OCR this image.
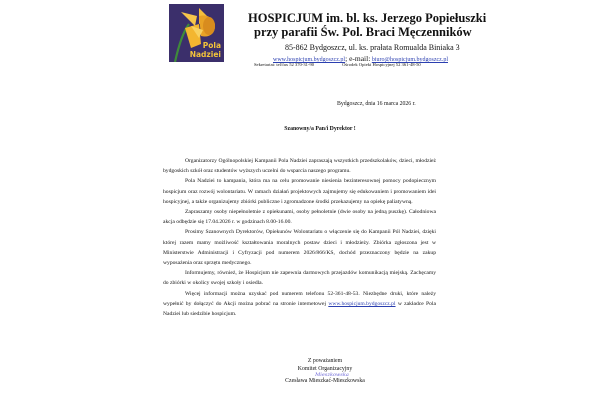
Pola
Nadziei
HOSPICJUM im. bl. ks. Jerzego Popiełuszki
przy parafii Św. Pol. Braci Męczenników
85-862 Bydgoszcz, ul. ks. prałata Romualda Biniaka 3
www.hospicjum.bydgoszcz.pl; e-mail: biuro@hospicjum.bydgoszcz.pl
Sekretariat: tel/fax 52 370-31-90	Ośrodek Opieki Hospicyjnej 52 361-48-50
Bydgoszcz, dnia 16 marca 2026 r.
Szanowny/a Pan/i Dyrektor !

Organizatorzy Ogólnopolskiej Kampanii Pola Nadziei zapraszają wszystkich przedszkolaków, dzieci, młodzież bydgoskich szkół oraz studentów wyższych uczelni do wsparcia naszego programu.

Pola Nadziei to kampania, która ma na celu promowanie niesienia bezinteresownej pomocy podopiecznym hospicjum oraz rozwój wolontariatu. W ramach działań projektowych zajmujemy się edukowaniem i promowaniem idei hospicyjnej, a także organizujemy zbiórki publiczne i zgromadzone środki przekazujemy na opiekę paliatywną.

Zapraszamy osoby niepełnoletnie z opiekunami, osoby pełnoletnie (dwie osoby na jedną puszkę). Całodniowa akcja odbędzie się 17.04.2026 r. w godzinach 8.00-16.00.

Prosimy Szanownych Dyrektorów, Opiekunów Wolontariatu o włączenie się do Kampanii Pól Nadziei, dzięki której razem mamy możliwość kształtowania moralnych postaw dzieci i młodzieży. Zbiórka zgłoszona jest w Ministerstwie Administracji i Cyfryzacji pod numerem 2026/866/KS, dochód przeznaczony będzie na zakup wyposażenia oraz sprzętu medycznego.

Informujemy, również, że Hospicjum nie zapewnia darmowych przejazdów komunikacją miejską. Zachęcamy do zbiórki w okolicy swojej szkoły i osiedla.

Więcej informacji można uzyskać pod numerem telefonu 52-361-48-53. Niezbędne druki, które należy wypełnić by dołączyć do Akcji można pobrać na stronie internetowej www.hospicjum.bydgoszcz.pl w zakładce Pola Nadziei lub siedzibie hospicjum.

Z poważaniem
Komitet Organizacyjny
Mieszkowska
Czesława Mieszkać-Mieszkowska
